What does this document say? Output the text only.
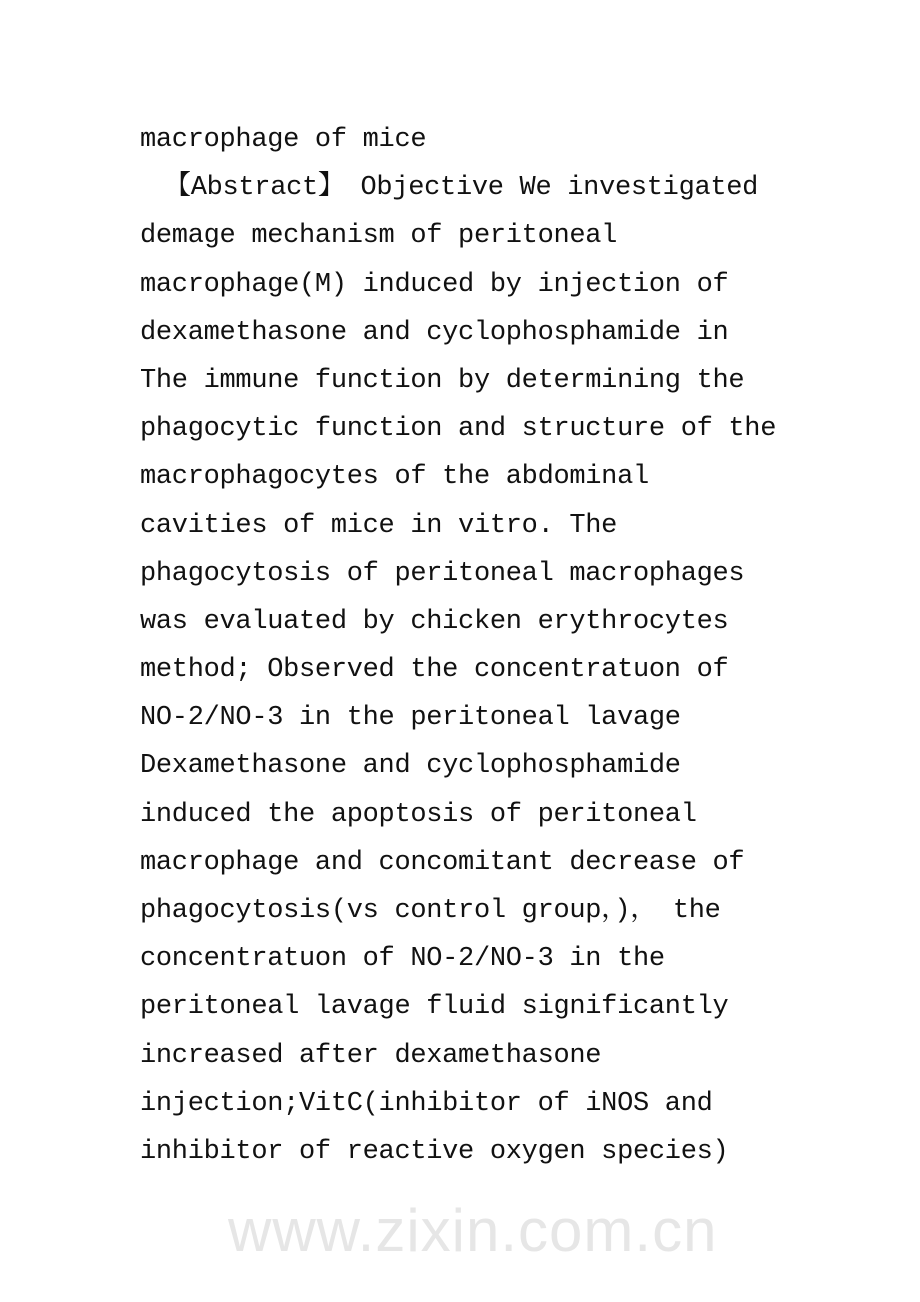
www.zixin.com.cn
macrophage of mice
【Abstract】 Objective We investigated
demage mechanism of peritoneal
macrophage(M) induced by injection of
dexamethasone and cyclophosphamide in
The immune function by determining the
phagocytic function and structure of the
macrophagocytes of the abdominal
cavities of mice in vitro. The
phagocytosis of peritoneal macrophages
was evaluated by chicken erythrocytes
method; Observed the concentratuon of
NO-2/NO-3 in the peritoneal lavage
Dexamethasone and cyclophosphamide
induced the apoptosis of peritoneal
macrophage and concomitant decrease of
phagocytosis(vs control group，)， the
concentratuon of NO-2/NO-3 in the
peritoneal lavage fluid significantly
increased after dexamethasone
injection;VitC(inhibitor of iNOS and
inhibitor of reactive oxygen species)
